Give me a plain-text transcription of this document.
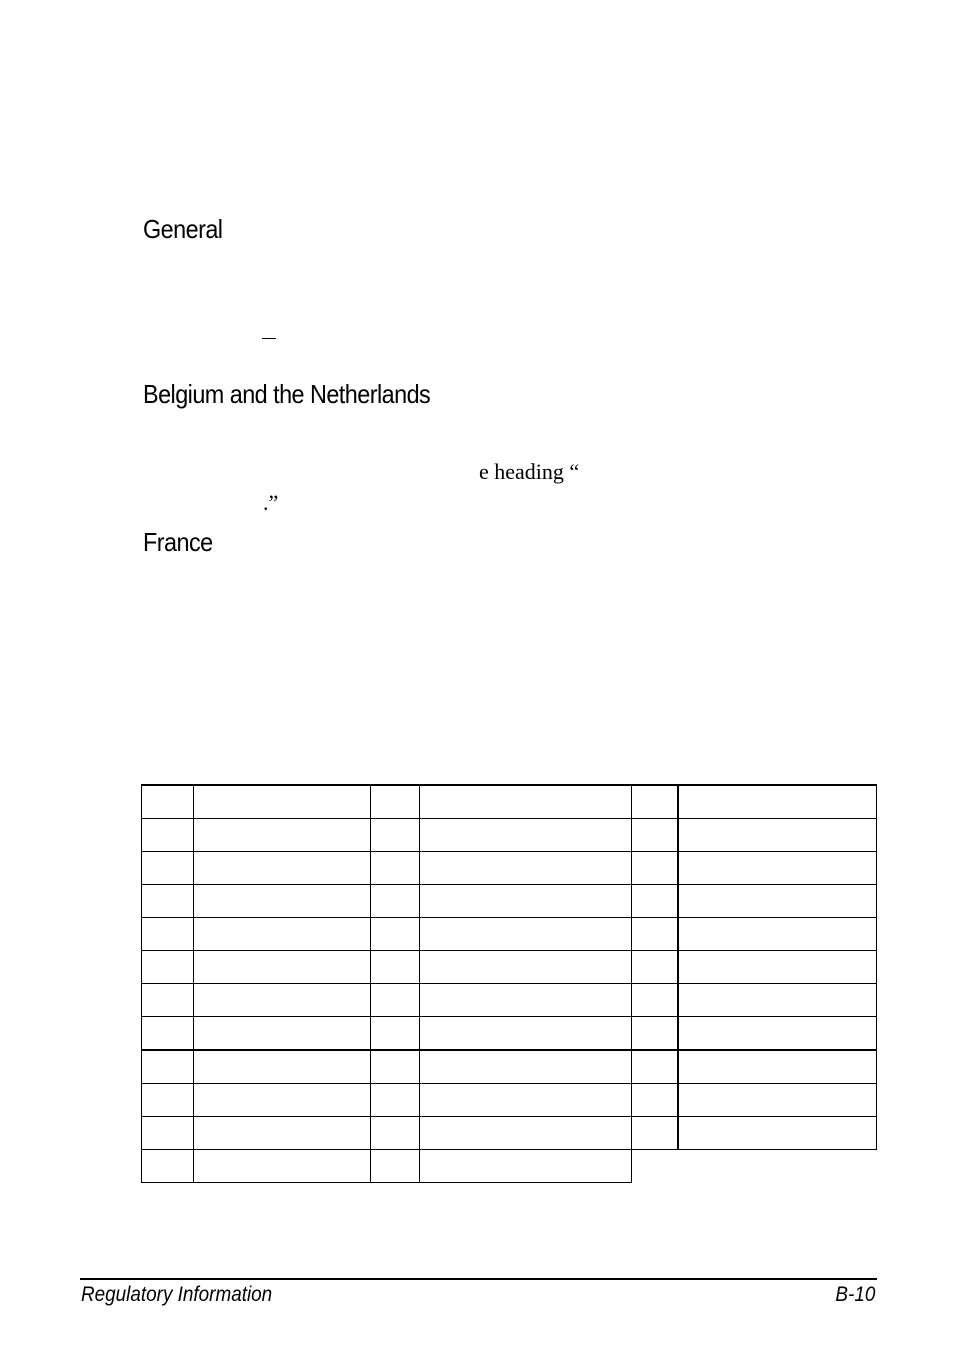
General
Belgium and the Netherlands
e heading “
.”
France

Regulatory Information	B-10
